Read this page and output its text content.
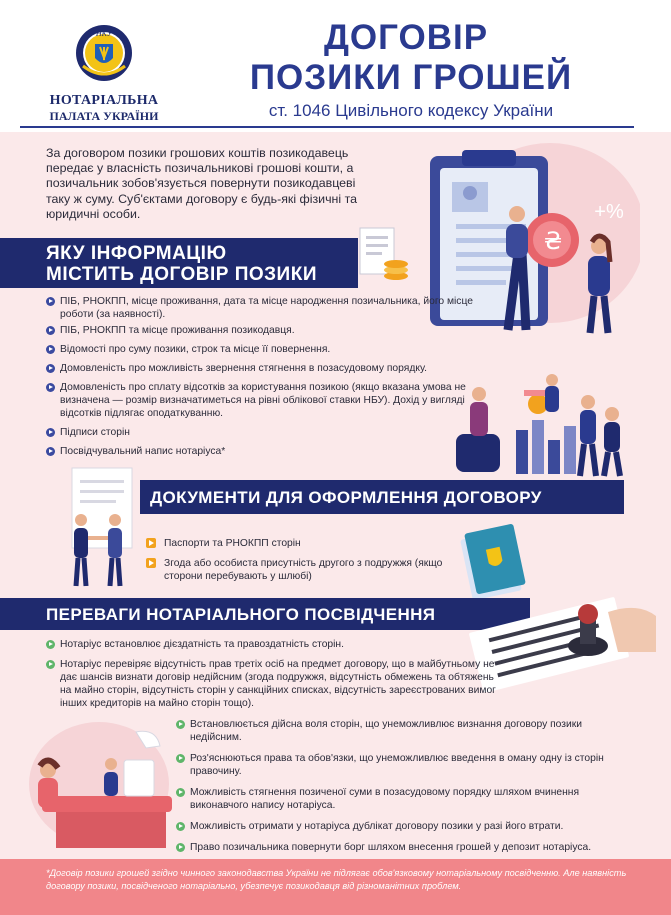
НКУ
НОТАРІАЛЬНА
ПАЛАТА УКРАЇНИ
ДОГОВІР
ПОЗИКИ ГРОШЕЙ
ст. 1046 Цивільного кодексу України
+%
₴
За договором позики грошових коштів позикодавець передає у власність позичальникові грошові кошти, а позичальник зобов'язується повернути позикодавцеві таку ж суму. Суб'єктами договору є будь-які фізичні та юридичні особи.
ЯКУ ІНФОРМАЦІЮ
МІСТИТЬ ДОГОВІР ПОЗИКИ
ПІБ, РНОКПП, місце проживання, дата та місце народження позичальника, його місце роботи (за наявності).
ПІБ, РНОКПП та місце проживання позикодавця.
Відомості про суму позики, строк та місце її повернення.
Домовленість про можливість звернення стягнення в позасудовому порядку.
Домовленість про сплату відсотків за користування позикою (якщо вказана умова не визначена — розмір визначатиметься на рівні облікової ставки НБУ). Дохід у вигляді відсотків підлягає оподаткуванню.
Підписи сторін
Посвідчувальний напис нотаріуса*
ДОКУМЕНТИ ДЛЯ ОФОРМЛЕННЯ ДОГОВОРУ
Паспорти та РНОКПП сторін
Згода або особиста присутність другого з подружжя (якщо сторони перебувають у шлюбі)
ПЕРЕВАГИ НОТАРІАЛЬНОГО ПОСВІДЧЕННЯ
Нотаріус встановлює дієздатність та правоздатність сторін.
Нотаріус перевіряє відсутність прав третіх осіб на предмет договору, що в майбутньому не дає шансів визнати договір недійсним (згода подружжя, відсутність обмежень та обтяжень на майно сторін, відсутність сторін у санкційних списках, відсутність зареєстрованих вимог інших кредиторів на майно сторін тощо).
Встановлюється дійсна воля сторін, що унеможливлює визнання договору позики недійсним.
Роз'яснюються права та обов'язки, що унеможливлює введення в оману одну із сторін правочину.
Можливість стягнення позиченої суми в позасудовому порядку шляхом вчинення виконавчого напису нотаріуса.
Можливість отримати у нотаріуса дублікат договору позики у разі його втрати.
Право позичальника повернути борг шляхом внесення грошей у депозит нотаріуса.
*Договір позики грошей згідно чинного законодавства України не підлягає обов'язковому нотаріальному посвідченню. Але наявність договору позики, посвідченого нотаріально, убезпечує позикодавця від різноманітних проблем.
